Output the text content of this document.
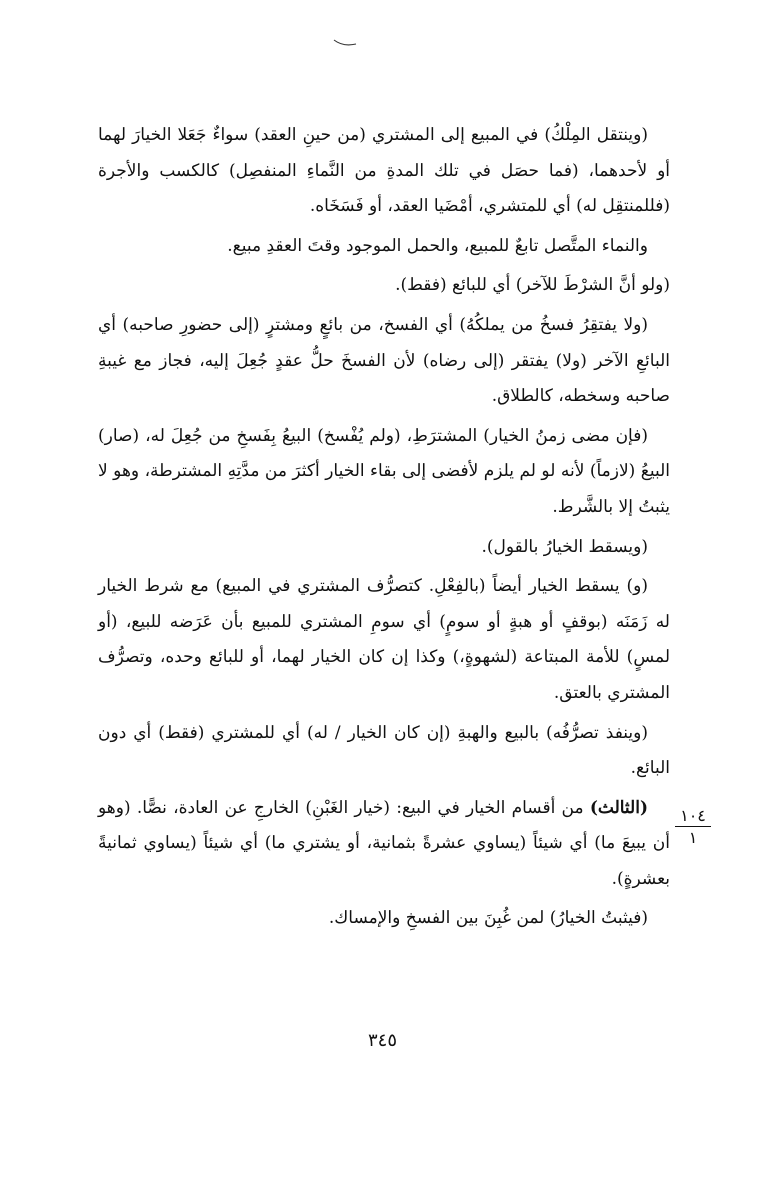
(وينتقل المِلْكُ) في المبيع إلى المشتري (من حينِ العقد) سواءٌ جَعَلا الخيارَ لهما أو لأحدهما، (فما حصَل في تلك المدةِ من النَّماءِ المنفصِل) كالكسب والأجرة (فللمنتقِل له) أي للمتشري، أمْضَيا العقد، أو فَسَخَاه.

والنماء المتَّصل تابعٌ للمبيع، والحمل الموجود وقتَ العقدِ مبيع.

(ولو أنَّ الشرْطَ للآخر) أي للبائع (فقط).

(ولا يفتقِرُ فسخُ من يملكُهُ) أي الفسخ، من بائعٍ ومشترٍ (إلى حضورِ صاحبه) أي البائعِ الآخر (ولا) يفتقر (إلى رضاه) لأن الفسخَ حلُّ عقدٍ جُعِلَ إليه، فجاز مع غيبةِ صاحبه وسخطه، كالطلاق.

(فإن مضى زمنُ الخيار) المشترَطِ، (ولم يُفْسخ) البيعُ بِفَسخِ من جُعِلَ له، (صار) البيعُ (لازماً) لأنه لو لم يلزم لأفضى إلى بقاء الخيار أكثرَ من مدَّتِهِ المشترطة، وهو لا يثبتُ إلا بالشَّرط.

(ويسقط الخيارُ بالقول).

(و) يسقط الخيار أيضاً (بالفِعْلِ. كتصرُّف المشتري في المبيع) مع شرط الخيار له زَمَنَه (بوقفٍ أو هبةٍ أو سومٍ) أي سومِ المشتري للمبيع بأن عَرَضه للبيع، (أو لمسٍ) للأمة المبتاعة (لشهوةٍ،) وكذا إن كان الخيار لهما، أو للبائع وحده، وتصرُّف المشتري بالعتق.

(وينفذ تصرُّفُه) بالبيع والهبةِ (إن كان الخيار / له) أي للمشتري (فقط) أي دون البائع.

(الثالث) من أقسام الخيار في البيع: (خيار الغَبْنِ) الخارجِ عن العادة، نصًّا. (وهو أن يبيعَ ما) أي شيئاً (يساوي عشرةً بثمانية، أو يشتري ما) أي شيئاً (يساوي ثمانيةً بعشرةٍ).

(فيثبتُ الخيارُ) لمن غُبِنَ بين الفسخِ والإمساك.

١٠٤
١
٣٤٥
